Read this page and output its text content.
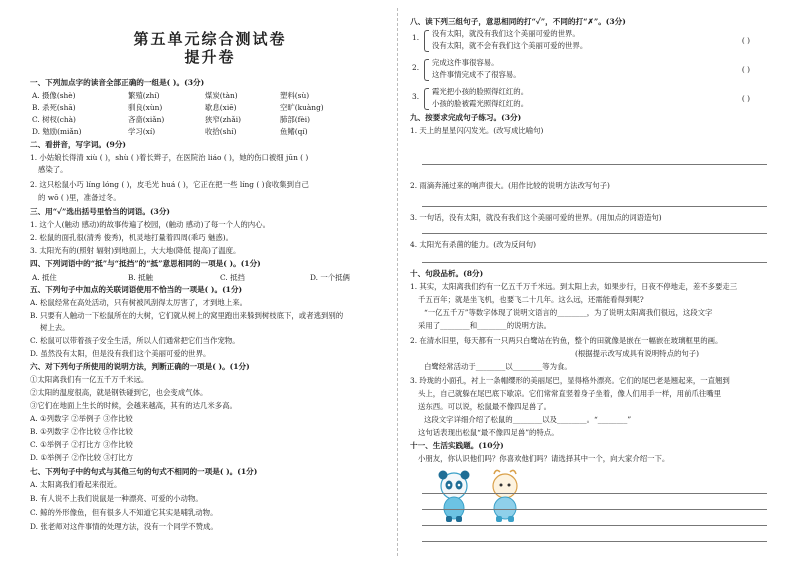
第五单元综合测试卷
提升卷
一、下列加点字的读音全部正确的一组是( )。(3分)
A. 摄像(shè)	繁殖(zhí)	煤炭(tàn)	塑料(sù)
B. 杀死(shā)	驯良(xùn)	歇息(xiē)	空旷(kuàng)
C. 树杈(chà)	吝啬(xiǎn)	狭窄(zhǎi)	肺部(fèi)
D. 勉励(miǎn)	学习(xí)	收拾(shí)	鱼鳍(qí)
二、看拼音，写字词。(9分)
1. 小姑娘长得清 xiù ( )，shù ( )着长辫子，在医院治 liáo ( )，她的伤口被细 jūn ( )
感染了。
2. 这只松鼠小巧 líng lóng ( )，皮毛光 huá ( )，它正在把一些 líng ( )食收集到自己
的 wō ( )里，准备过冬。
三、用“✓”选出括号里恰当的词语。(3分)
1. 这个人(触动 感动)的故事传遍了校园，(触动 感动)了每一个人的内心。
2. 松鼠的面孔很(清秀 俊秀)，机灵地打量着四周(乖巧 魅惑)。
3. 太阳光有的(照射 辐射)到地面上，大大地(降低 提高)了温度。
四、下列词语中的“抵”与“抵挡”的“抵”意思相同的一项是( )。(1分)
A. 抵住	B. 抵触	C. 抵挡	D. 一个抵俩
五、下列句子中加点的关联词语使用不恰当的一项是( )。(1分)
A. 松鼠经常在高处活动，只有树被风刮得太厉害了，才到地上来。
B. 只要有人触动一下松鼠所在的大树，它们就从树上的窝里跑出来躲到树枝底下，或者逃到别的
树上去。
C. 松鼠可以带着孩子安全生活，所以人们通常把它们当作宠物。
D. 虽然没有太阳，但是没有我们这个美丽可爱的世界。
六、对下列句子所使用的说明方法，判断正确的一项是( )。(1分)
①太阳离我们有一亿五千万千米远。
②太阳的温度很高，就是钢铁碰到它，也会变成气体。
③它们在地面上生长的时候，会越来越高，其有的达几米多高。
A. ①列数字 ②举例子 ③作比较
B. ①列数字 ②作比较 ③作比较
C. ①举例子 ②打比方 ③作比较
D. ①举例子 ②作比较 ③打比方
七、下列句子中的句式与其他三句的句式不相同的一项是( )。(1分)
A. 太阳离我们看起来很近。
B. 有人说不上我们说鼠是一种漂亮、可爱的小动物。
C. 鲸的外形像鱼，但有很多人不知道它其实是哺乳动物。
D. 张老师对这件事情的处理方法，没有一个同学不赞成。
八、读下列三组句子，意思相同的打“✓”，不同的打“✗”。(3分)
1. 没有太阳，就没有我们这个美丽可爱的世界。
没有太阳，就不会有我们这个美丽可爱的世界。
( )
2.
完成这件事很容易。
这件事情完成不了很容易。
( )
3.
霞光把小孩的脸照得红红的。
小孩的脸被霞光照得红红的。
( )
九、按要求完成句子练习。(3分)
1. 天上的星星闪闪发光。(改写成比喻句)
2. 雨滴奔涌过来的响声很大。(用作比较的说明方法改写句子)
3. 一句话，没有太阳，就没有我们这个美丽可爱的世界。(用加点的词语造句)
4. 太阳光有杀菌的能力。(改为反问句)
十、句段品析。(8分)
1. 其实，太阳离我们约有一亿五千万千米远。到太阳上去，如果步行，日夜不停地走，差不多要走三
千五百年；就是坐飞机，也要飞二十几年。这么远，还需能看得到呢?
“一亿五千万”等数字体现了说明文语言的________，为了说明太阳离我们很远，这段文字
采用了________和________的说明方法。
2. 在清水旧里，每天都有一只两只白鹭站在钓鱼，整个的田就像是嵌在一幅嵌在玻璃框里的画。
(根据提示改写成具有说明特点的句子)
白鹭经常活动于________以________等为食。
3. 玲珑的小面孔，衬上一条帽缨形的美丽尾巴，显得格外漂亮。它们的尾巴老是翘起来，一直翘到
头上，自己就躲在尾巴底下歇凉。它们常常直竖着身子坐着，像人们用手一样，用前爪往嘴里
送东西。可以说，松鼠最不像四足兽了。
这段文字详细介绍了松鼠的________以及________。“________”
这句话表现出松鼠“最不像四足兽”的特点。
十一、生活实践题。(10分)
小朋友，你认识他们吗？你喜欢他们吗？请选择其中一个，向大家介绍一下。
